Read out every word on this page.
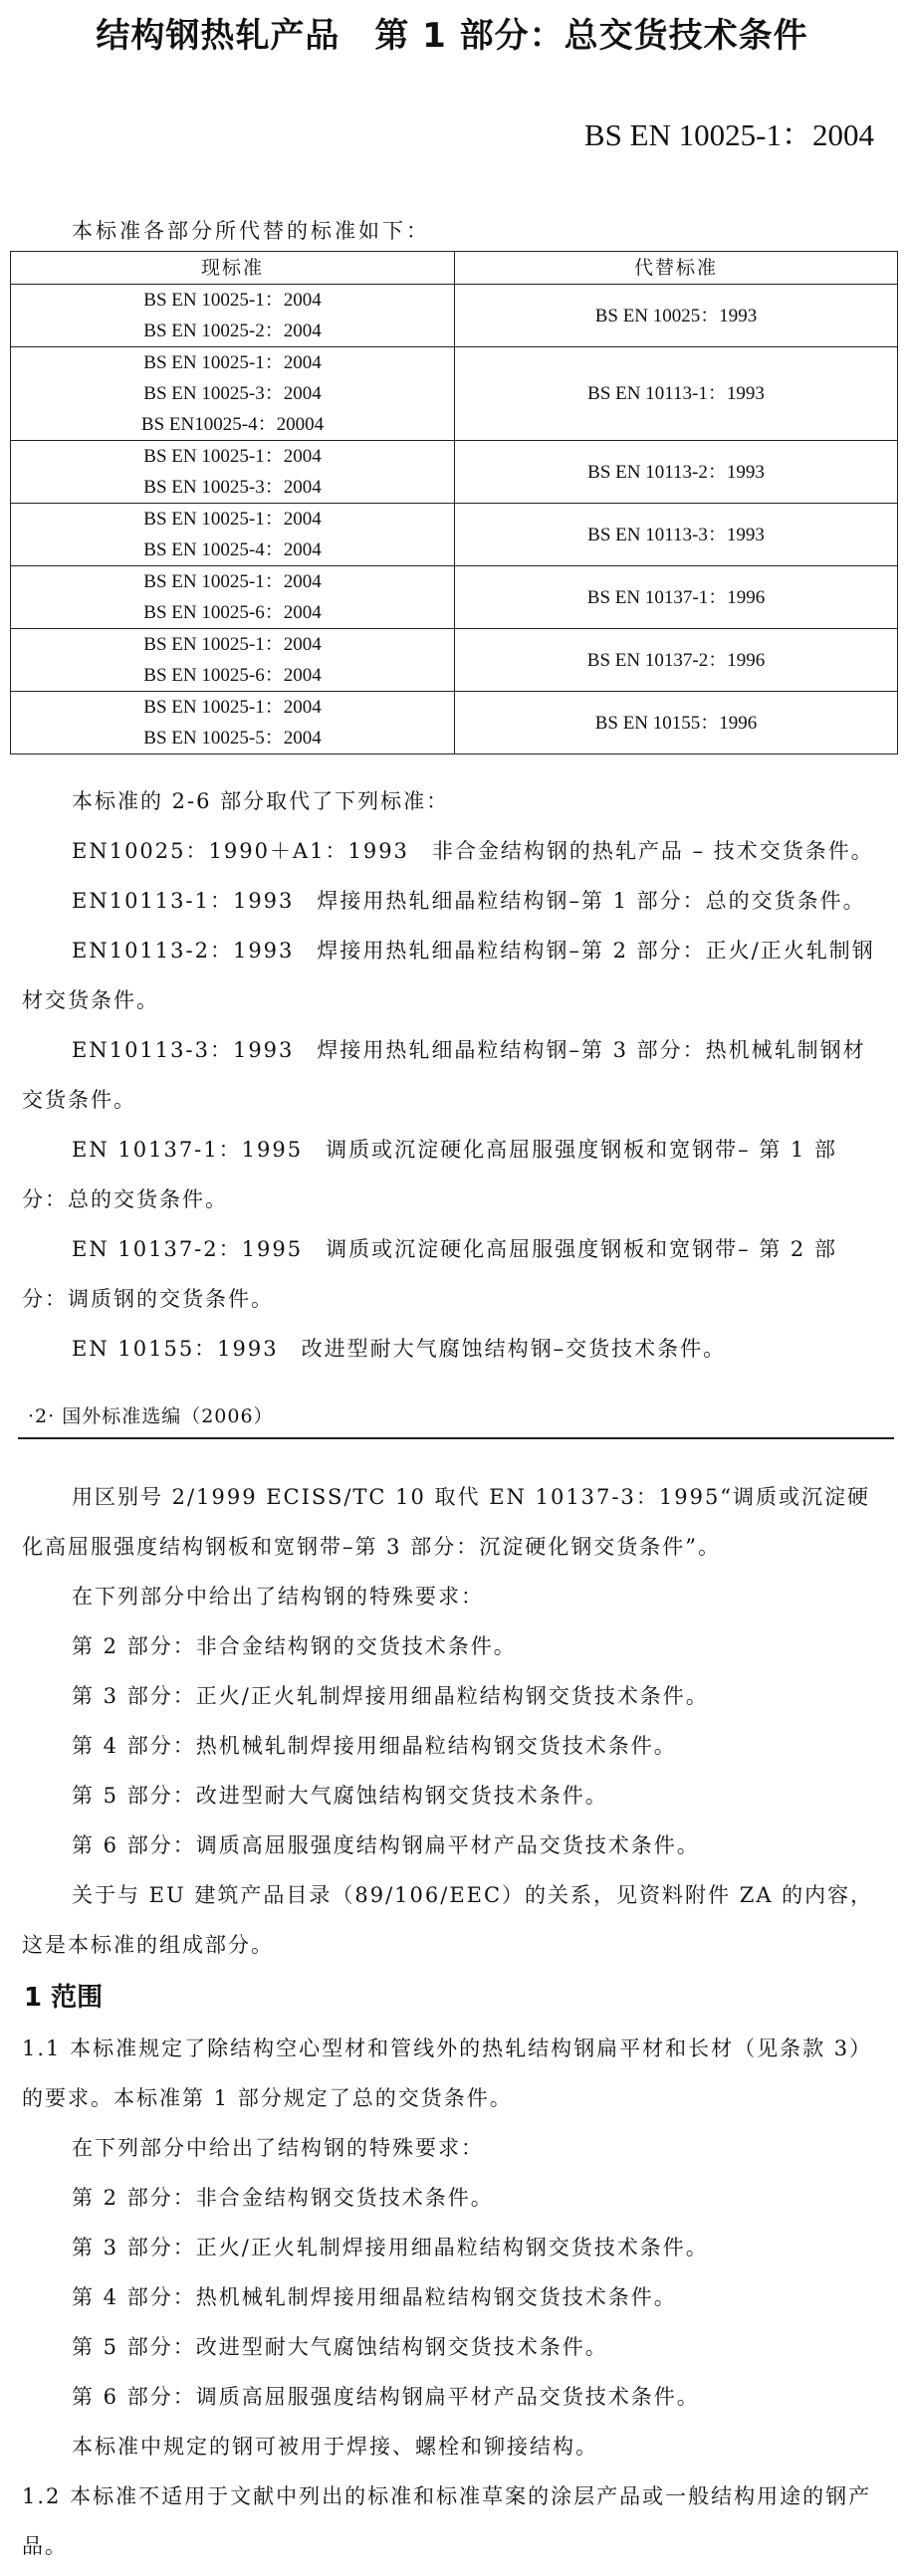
结构钢热轧产品　第 1 部分：总交货技术条件
BS EN 10025-1：2004
本标准各部分所代替的标准如下：
现标准	代替标准

BS EN 10025-1：2004
BS EN 10025-2：2004	BS EN 10025：1993

BS EN 10025-1：2004
BS EN 10025-3：2004
BS EN10025-4：20004	BS EN 10113-1：1993

BS EN 10025-1：2004
BS EN 10025-3：2004	BS EN 10113-2：1993

BS EN 10025-1：2004
BS EN 10025-4：2004	BS EN 10113-3：1993

BS EN 10025-1：2004
BS EN 10025-6：2004	BS EN 10137-1：1996

BS EN 10025-1：2004
BS EN 10025-6：2004	BS EN 10137-2：1996

BS EN 10025-1：2004
BS EN 10025-5：2004	BS EN 10155：1996

本标准的 2-6 部分取代了下列标准：

EN10025：1990＋A1：1993　非合金结构钢的热轧产品 – 技术交货条件。

EN10113-1：1993　焊接用热轧细晶粒结构钢–第 1 部分：总的交货条件。

EN10113-2：1993　焊接用热轧细晶粒结构钢–第 2 部分：正火/正火轧制钢材交货条件。

EN10113-3：1993　焊接用热轧细晶粒结构钢–第 3 部分：热机械轧制钢材交货条件。

EN 10137-1：1995　调质或沉淀硬化高屈服强度钢板和宽钢带– 第 1 部分：总的交货条件。

EN 10137-2：1995　调质或沉淀硬化高屈服强度钢板和宽钢带– 第 2 部分：调质钢的交货条件。

EN 10155：1993　改进型耐大气腐蚀结构钢–交货技术条件。

·2· 国外标准选编（2006）

用区别号 2/1999 ECISS/TC 10 取代 EN 10137-3：1995“调质或沉淀硬化高屈服强度结构钢板和宽钢带–第 3 部分：沉淀硬化钢交货条件”。

在下列部分中给出了结构钢的特殊要求：

第 2 部分：非合金结构钢的交货技术条件。

第 3 部分：正火/正火轧制焊接用细晶粒结构钢交货技术条件。

第 4 部分：热机械轧制焊接用细晶粒结构钢交货技术条件。

第 5 部分：改进型耐大气腐蚀结构钢交货技术条件。

第 6 部分：调质高屈服强度结构钢扁平材产品交货技术条件。

关于与 EU 建筑产品目录（89/106/EEC）的关系，见资料附件 ZA 的内容，这是本标准的组成部分。

1 范围

1.1 本标准规定了除结构空心型材和管线外的热轧结构钢扁平材和长材（见条款 3）的要求。本标准第 1 部分规定了总的交货条件。

在下列部分中给出了结构钢的特殊要求：

第 2 部分：非合金结构钢交货技术条件。

第 3 部分：正火/正火轧制焊接用细晶粒结构钢交货技术条件。

第 4 部分：热机械轧制焊接用细晶粒结构钢交货技术条件。

第 5 部分：改进型耐大气腐蚀结构钢交货技术条件。

第 6 部分：调质高屈服强度结构钢扁平材产品交货技术条件。

本标准中规定的钢可被用于焊接、螺栓和铆接结构。

1.2 本标准不适用于文献中列出的标准和标准草案的涂层产品或一般结构用途的钢产品。
